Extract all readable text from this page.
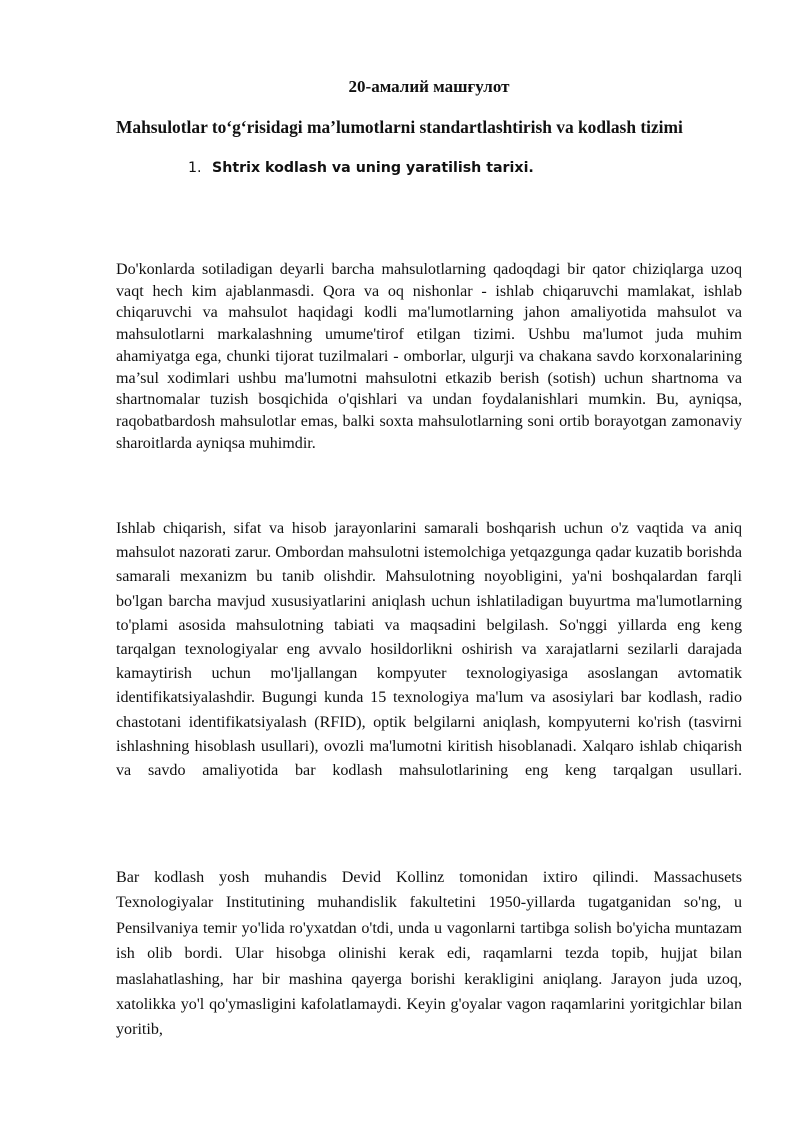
20-амалий машғулот

Mahsulotlar to‘g‘risidagi ma’lumotlarni standartlashtirish va kodlash tizimi

1. Shtrix kodlash va uning yaratilish tarixi.

Do'konlarda sotiladigan deyarli barcha mahsulotlarning qadoqdagi bir qator chiziqlarga uzoq vaqt hech kim ajablanmasdi. Qora va oq nishonlar - ishlab chiqaruvchi mamlakat, ishlab chiqaruvchi va mahsulot haqidagi kodli ma'lumotlarning jahon amaliyotida mahsulot va mahsulotlarni markalashning umume'tirof etilgan tizimi. Ushbu ma'lumot juda muhim ahamiyatga ega, chunki tijorat tuzilmalari - omborlar, ulgurji va chakana savdo korxonalarining ma’sul xodimlari ushbu ma'lumotni mahsulotni etkazib berish (sotish) uchun shartnoma va shartnomalar tuzish bosqichida o'qishlari va undan foydalanishlari mumkin. Bu, ayniqsa, raqobatbardosh mahsulotlar emas, balki soxta mahsulotlarning soni ortib borayotgan zamonaviy sharoitlarda ayniqsa muhimdir.

Ishlab chiqarish, sifat va hisob jarayonlarini samarali boshqarish uchun o'z vaqtida va aniq mahsulot nazorati zarur. Ombordan mahsulotni istemolchiga yetqazgunga qadar kuzatib borishda samarali mexanizm bu tanib olishdir. Mahsulotning noyobligini, ya'ni boshqalardan farqli bo'lgan barcha mavjud xususiyatlarini aniqlash uchun ishlatiladigan buyurtma ma'lumotlarning to'plami asosida mahsulotning tabiati va maqsadini belgilash. So'nggi yillarda eng keng tarqalgan texnologiyalar eng avvalo hosildorlikni oshirish va xarajatlarni sezilarli darajada kamaytirish uchun mo'ljallangan kompyuter texnologiyasiga asoslangan avtomatik identifikatsiyalashdir. Bugungi kunda 15 texnologiya ma'lum va asosiylari bar kodlash, radio chastotani identifikatsiyalash (RFID), optik belgilarni aniqlash, kompyuterni ko'rish (tasvirni ishlashning hisoblash usullari), ovozli ma'lumotni kiritish hisoblanadi. Xalqaro ishlab chiqarish va savdo amaliyotida bar kodlash mahsulotlarining eng keng tarqalgan usullari.

Bar kodlash yosh muhandis Devid Kollinz tomonidan ixtiro qilindi. Massachusets Texnologiyalar Institutining muhandislik fakultetini 1950-yillarda tugatganidan so'ng, u Pensilvaniya temir yo'lida ro'yxatdan o'tdi, unda u vagonlarni tartibga solish bo'yicha muntazam ish olib bordi. Ular hisobga olinishi kerak edi, raqamlarni tezda topib, hujjat bilan maslahatlashing, har bir mashina qayerga borishi kerakligini aniqlang. Jarayon juda uzoq, xatolikka yo'l qo'ymasligini kafolatlamaydi. Keyin g'oyalar vagon raqamlarini yoritgichlar bilan yoritib,
